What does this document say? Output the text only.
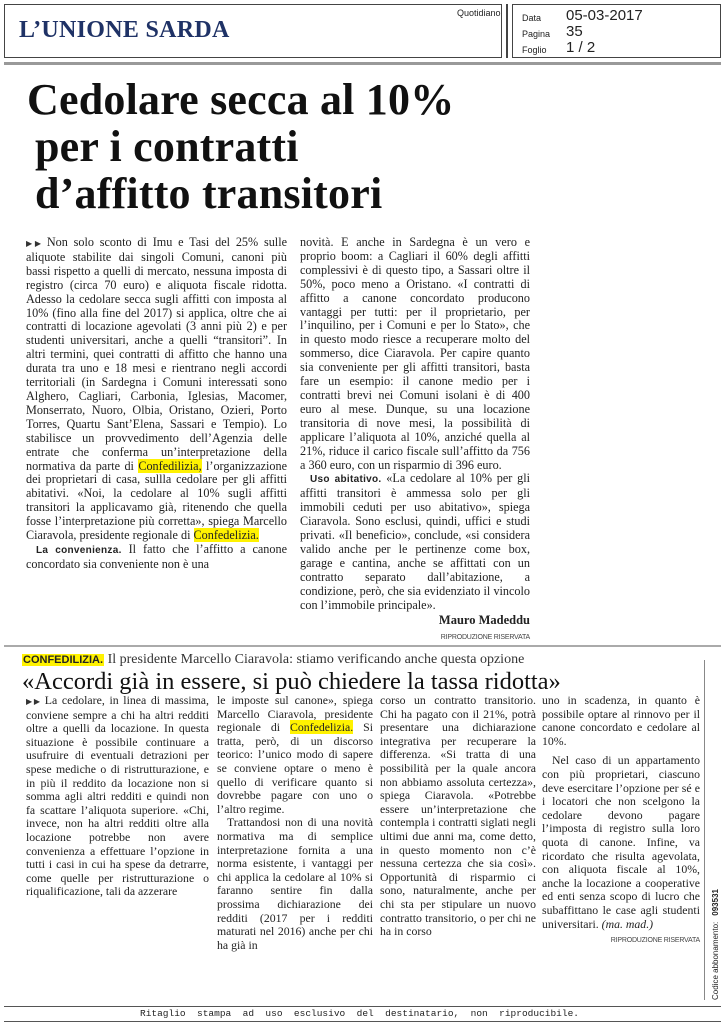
L’UNIONE SARDA
Quotidiano Data	05-03-2017
Pagina	35
Foglio	1 / 2
Cedolare secca al 10%
per i contratti
d’affitto transitori

▶▶ Non solo sconto di Imu e Tasi del 25% sulle aliquote stabilite dai singoli Comuni, canoni più bassi rispetto a quelli di mercato, nessuna imposta di registro (circa 70 euro) e aliquota fiscale ridotta. Adesso la cedolare secca sugli affitti con imposta al 10% (fino alla fine del 2017) si applica, oltre che ai contratti di locazione agevolati (3 anni più 2) e per studenti universitari, anche a quelli “transitori”. In altri termini, quei contratti di affitto che hanno una durata tra uno e 18 mesi e rientrano negli accordi territoriali (in Sardegna i Comuni interessati sono Alghero, Cagliari, Carbonia, Iglesias, Macomer, Monserrato, Nuoro, Olbia, Oristano, Ozieri, Porto Torres, Quartu Sant’Elena, Sassari e Tempio). Lo stabilisce un provvedimento dell’Agenzia delle entrate che conferma un’interpretazione della normativa da parte di Confedilizia, l’organizzazione dei proprietari di casa, sullla cedolare per gli affitti abitativi. «Noi, la cedolare al 10% sugli affitti transitori la applicavamo già, ritenendo che quella fosse l’interpretazione più corretta», spiega Marcello Ciaravola, presidente regionale di Confedelizia.

La convenienza. Il fatto che l’affitto a canone concordato sia conveniente non è una

novità. E anche in Sardegna è un vero e proprio boom: a Cagliari il 60% degli affitti complessivi è di questo tipo, a Sassari oltre il 50%, poco meno a Oristano. «I contratti di affitto a canone concordato producono vantaggi per tutti: per il proprietario, per l’inquilino, per i Comuni e per lo Stato», che in questo modo riesce a recuperare molto del sommerso, dice Ciaravola. Per capire quanto sia conveniente per gli affitti transitori, basta fare un esempio: il canone medio per i contratti brevi nei Comuni isolani è di 400 euro al mese. Dunque, su una locazione transitoria di nove mesi, la possibilità di applicare l’aliquota al 10%, anziché quella al 21%, riduce il carico fiscale sull’affitto da 756 a 360 euro, con un risparmio di 396 euro.

Uso abitativo. «La cedolare al 10% per gli affitti transitori è ammessa solo per gli immobili ceduti per uso abitativo», spiega Ciaravola. Sono esclusi, quindi, uffici e studi privati. «Il beneficio», conclude, «si considera valido anche per le pertinenze come box, garage e cantina, anche se affittati con un contratto separato dall’abitazione, a condizione, però, che sia evidenziato il vincolo con l’immobile principale».

Mauro Madeddu
RIPRODUZIONE RISERVATA
CONFEDILIZIA. Il presidente Marcello Ciaravola: stiamo verificando anche questa opzione
«Accordi già in essere, si può chiedere la tassa ridotta»

▶▶ La cedolare, in linea di massima, conviene sempre a chi ha altri redditi oltre a quelli da locazione. In questa situazione è possibile continuare a usufruire di eventuali detrazioni per spese mediche o di ristrutturazione, e in più il reddito da locazione non si somma agli altri redditi e quindi non fa scattare l’aliquota superiore. «Chi, invece, non ha altri redditi oltre alla locazione potrebbe non avere convenienza a effettuare l’opzione in tutti i casi in cui ha spese da detrarre, come quelle per ristrutturazione o riqualificazione, tali da azzerare

le imposte sul canone», spiega Marcello Ciaravola, presidente regionale di Confedelizia. Si tratta, però, di un discorso teorico: l’unico modo di sapere se conviene optare o meno è quello di verificare quanto si dovrebbe pagare con uno o l’altro regime.

Trattandosi non di una novità normativa ma di semplice interpretazione fornita a una norma esistente, i vantaggi per chi applica la cedolare al 10% si faranno sentire fin dalla prossima dichiarazione dei redditi (2017 per i redditi maturati nel 2016) anche per chi ha già in

corso un contratto transitorio. Chi ha pagato con il 21%, potrà presentare una dichiarazione integrativa per recuperare la differenza. «Si tratta di una possibilità per la quale ancora non abbiamo assoluta certezza», spiega Ciaravola. «Potrebbe essere un’interpretazione che contempla i contratti siglati negli ultimi due anni ma, come detto, in questo momento non c’è nessuna certezza che sia così». Opportunità di risparmio ci sono, naturalmente, anche per chi sta per stipulare un nuovo contratto transitorio, o per chi ne ha in corso

uno in scadenza, in quanto è possibile optare al rinnovo per il canone concordato e cedolare al 10%.

Nel caso di un appartamento con più proprietari, ciascuno deve esercitare l’opzione per sé e i locatori che non scelgono la cedolare devono pagare l’imposta di registro sulla loro quota di canone. Infine, va ricordato che risulta agevolata, con aliquota fiscale al 10%, anche la locazione a cooperative ed enti senza scopo di lucro che subaffittano le case agli studenti universitari. (ma. mad.)

RIPRODUZIONE RISERVATA Codice abbonamento:093531
Ritaglio  stampa  ad  uso  esclusivo  del  destinatario,  non  riproducibile.
